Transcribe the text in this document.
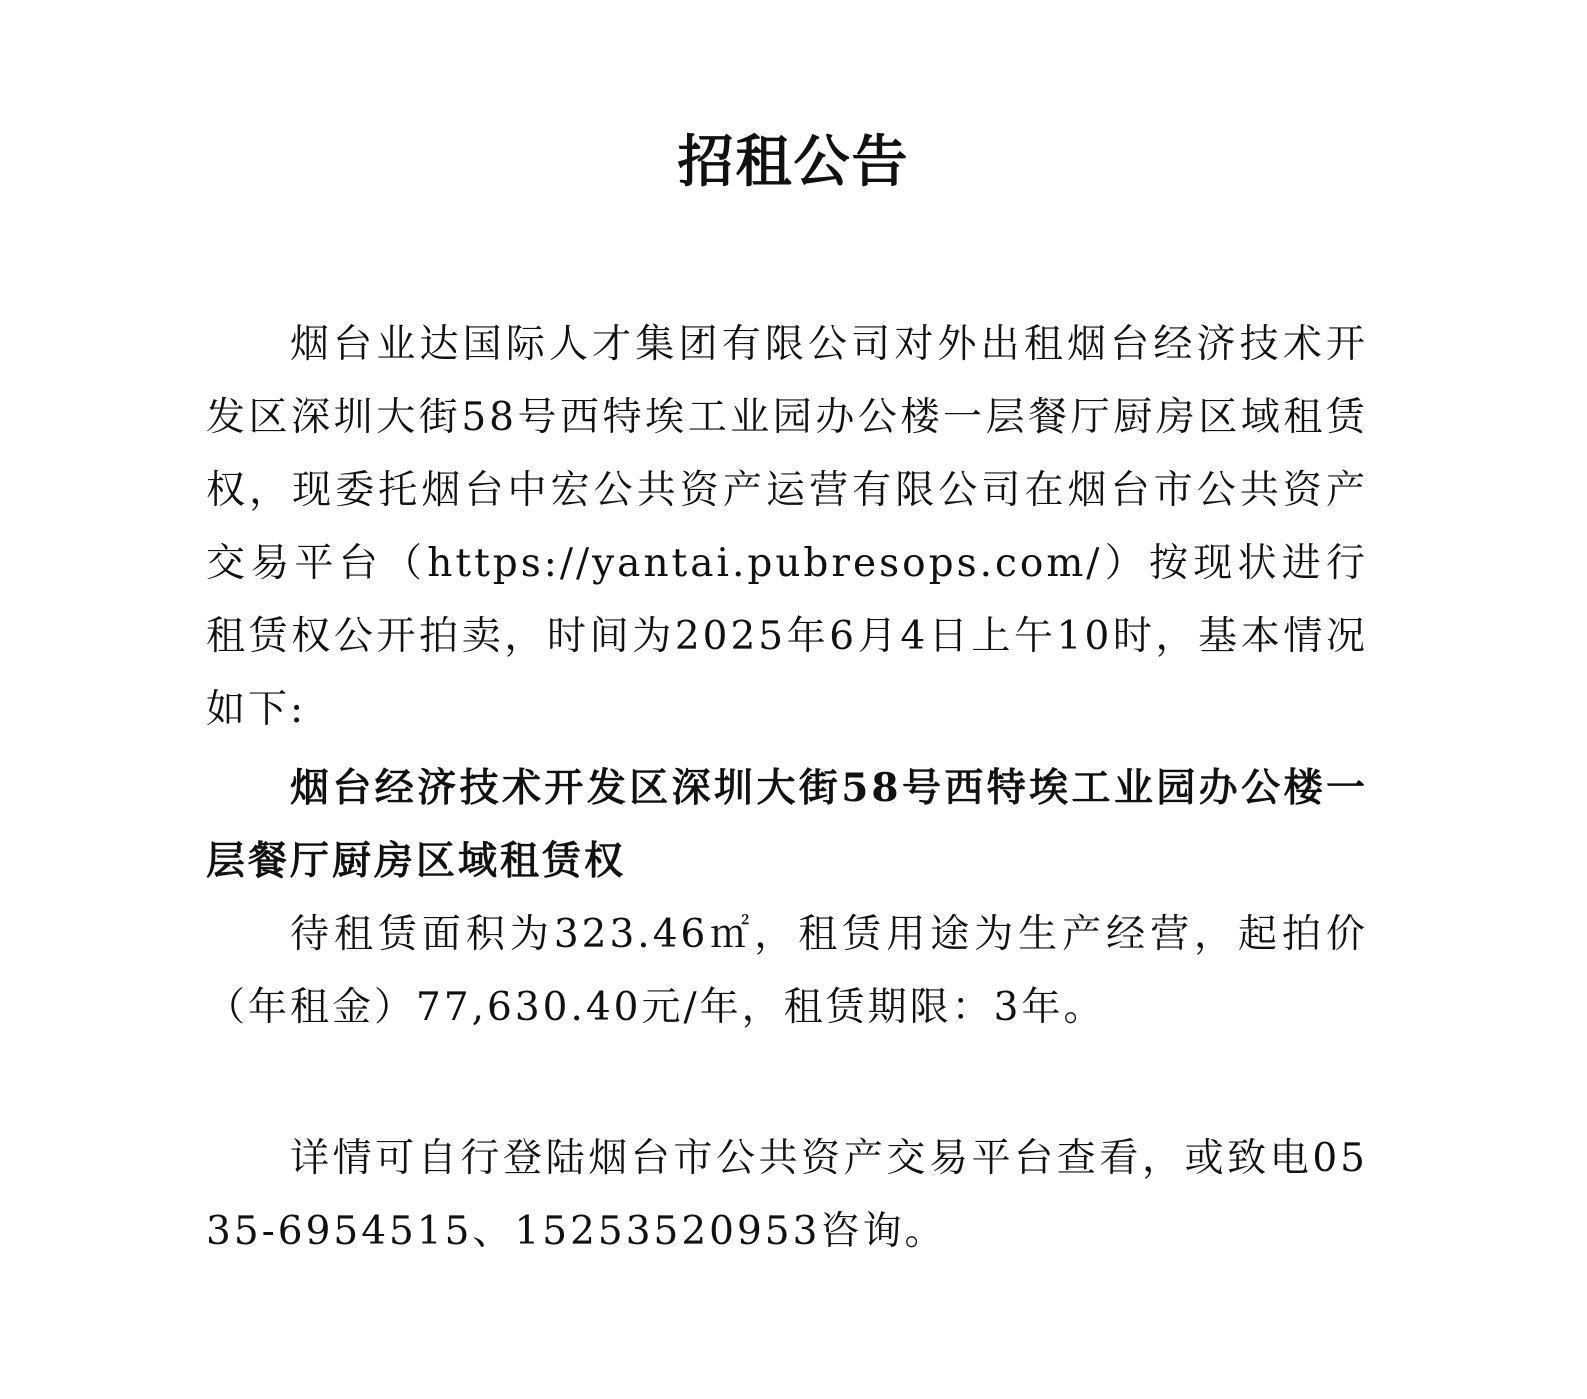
招租公告
烟台业达国际人才集团有限公司对外出租烟台经济技术开发区深圳大街58号西特埃工业园办公楼一层餐厅厨房区域租赁权，现委托烟台中宏公共资产运营有限公司在烟台市公共资产交易平台（https://yantai.pubresops.com/）按现状进行租赁权公开拍卖，时间为2025年6月4日上午10时，基本情况如下:
烟台经济技术开发区深圳大街58号西特埃工业园办公楼一层餐厅厨房区域租赁权
待租赁面积为323.46㎡，租赁用途为生产经营，起拍价（年租金）77,630.40元/年，租赁期限：3年。
详情可自行登陆烟台市公共资产交易平台查看，或致电0535-6954515、15253520953咨询。
